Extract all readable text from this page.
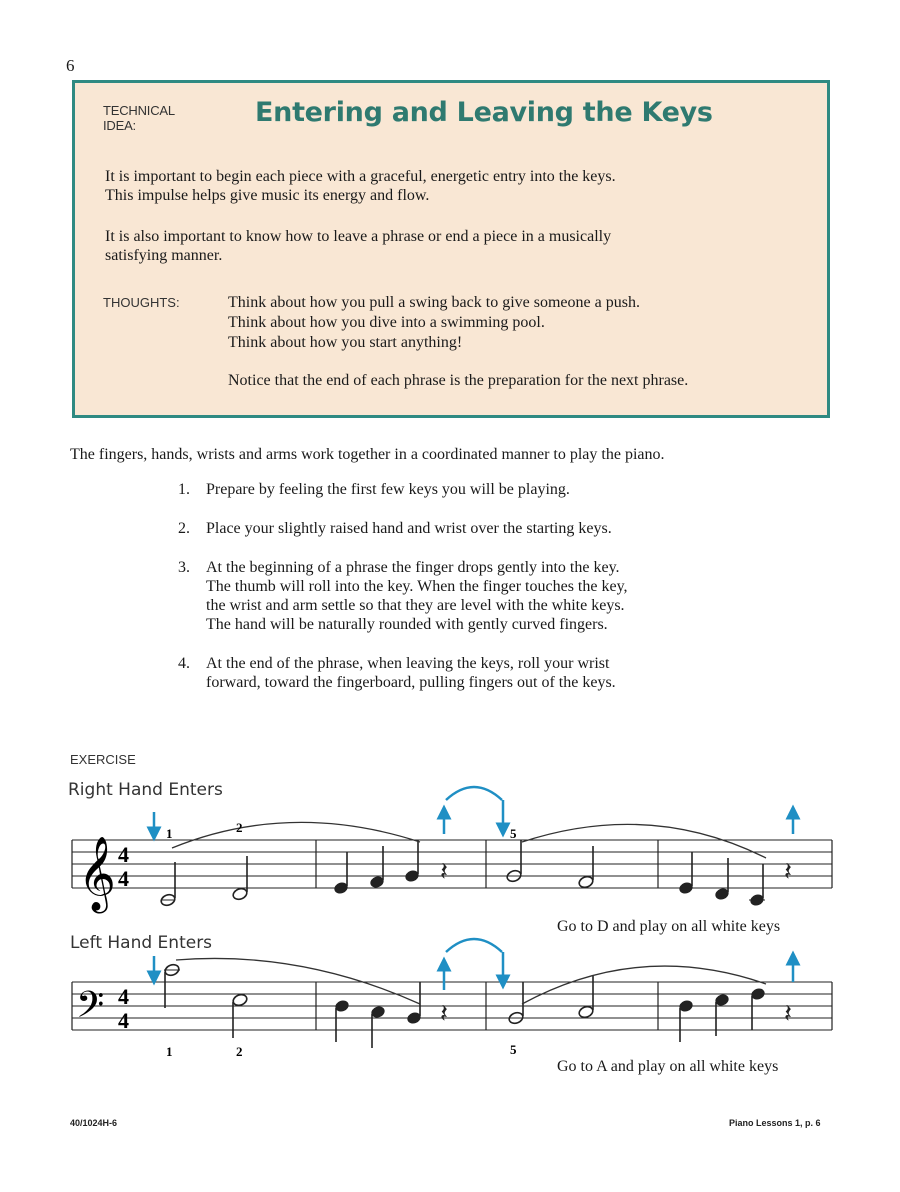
6
TECHNICAL
IDEA:	Entering and Leaving the Keys
It is important to begin each piece with a graceful, energetic entry into the keys.
This impulse helps give music its energy and flow.
It is also important to know how to leave a phrase or end a piece in a musically
satisfying manner.
THOUGHTS:	Think about how you pull a swing back to give someone a push.
Think about how you dive into a swimming pool.
Think about how you start anything!
Notice that the end of each phrase is the preparation for the next phrase.
The fingers, hands, wrists and arms work together in a coordinated manner to play the piano.
1.	Prepare by feeling the first few keys you will be playing.
2.	Place your slightly raised hand and wrist over the starting keys.
3.	At the beginning of a phrase the finger drops gently into the key.
The thumb will roll into the key. When the finger touches the key,
the wrist and arm settle so that they are level with the white keys.
The hand will be naturally rounded with gently curved fingers.
4.	At the end of the phrase, when leaving the keys, roll your wrist
forward, toward the fingerboard, pulling fingers out of the keys.
EXERCISE
Right Hand Enters
Left Hand Enters
𝄞 4
4	𝄽	𝄽
1	2	5
𝄢 4
4	𝄽	𝄽
1	2	5
Go to D and play on all white keys
Go to A and play on all white keys
40/1024H-6	Piano Lessons 1, p. 6
